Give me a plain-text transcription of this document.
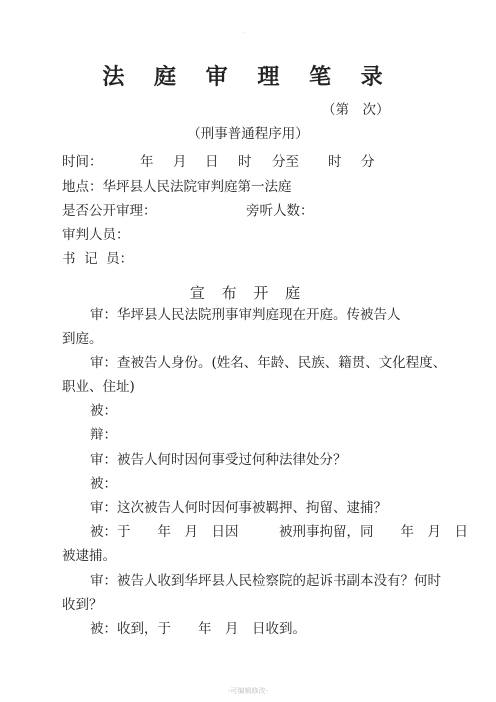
·
法 庭 审 理 笔 录
（第　次）
（刑事普通程序用）
时间：	年 月 日 时 分至 时 分
地点：华坪县人民法院审判庭第一法庭
是否公开审理：	旁听人数：
审判人员：
书  记  员：
宣 布 开 庭
审：华坪县人民法院刑事审判庭现在开庭。传被告人
到庭。
审：查被告人身份。(姓名、年龄、民族、籍贯、文化程度、
职业、住址)
被：
辩：
审：被告人何时因何事受过何种法律处分？
被：
审：这次被告人何时因何事被羁押、拘留、逮捕？
被：于　　年　月　日因　　　被刑事拘留，同　　年　月　日
被逮捕。
审：被告人收到华坪县人民检察院的起诉书副本没有？何时
收到？
被：收到，于　　年　月　日收到。
-可编辑修改-
